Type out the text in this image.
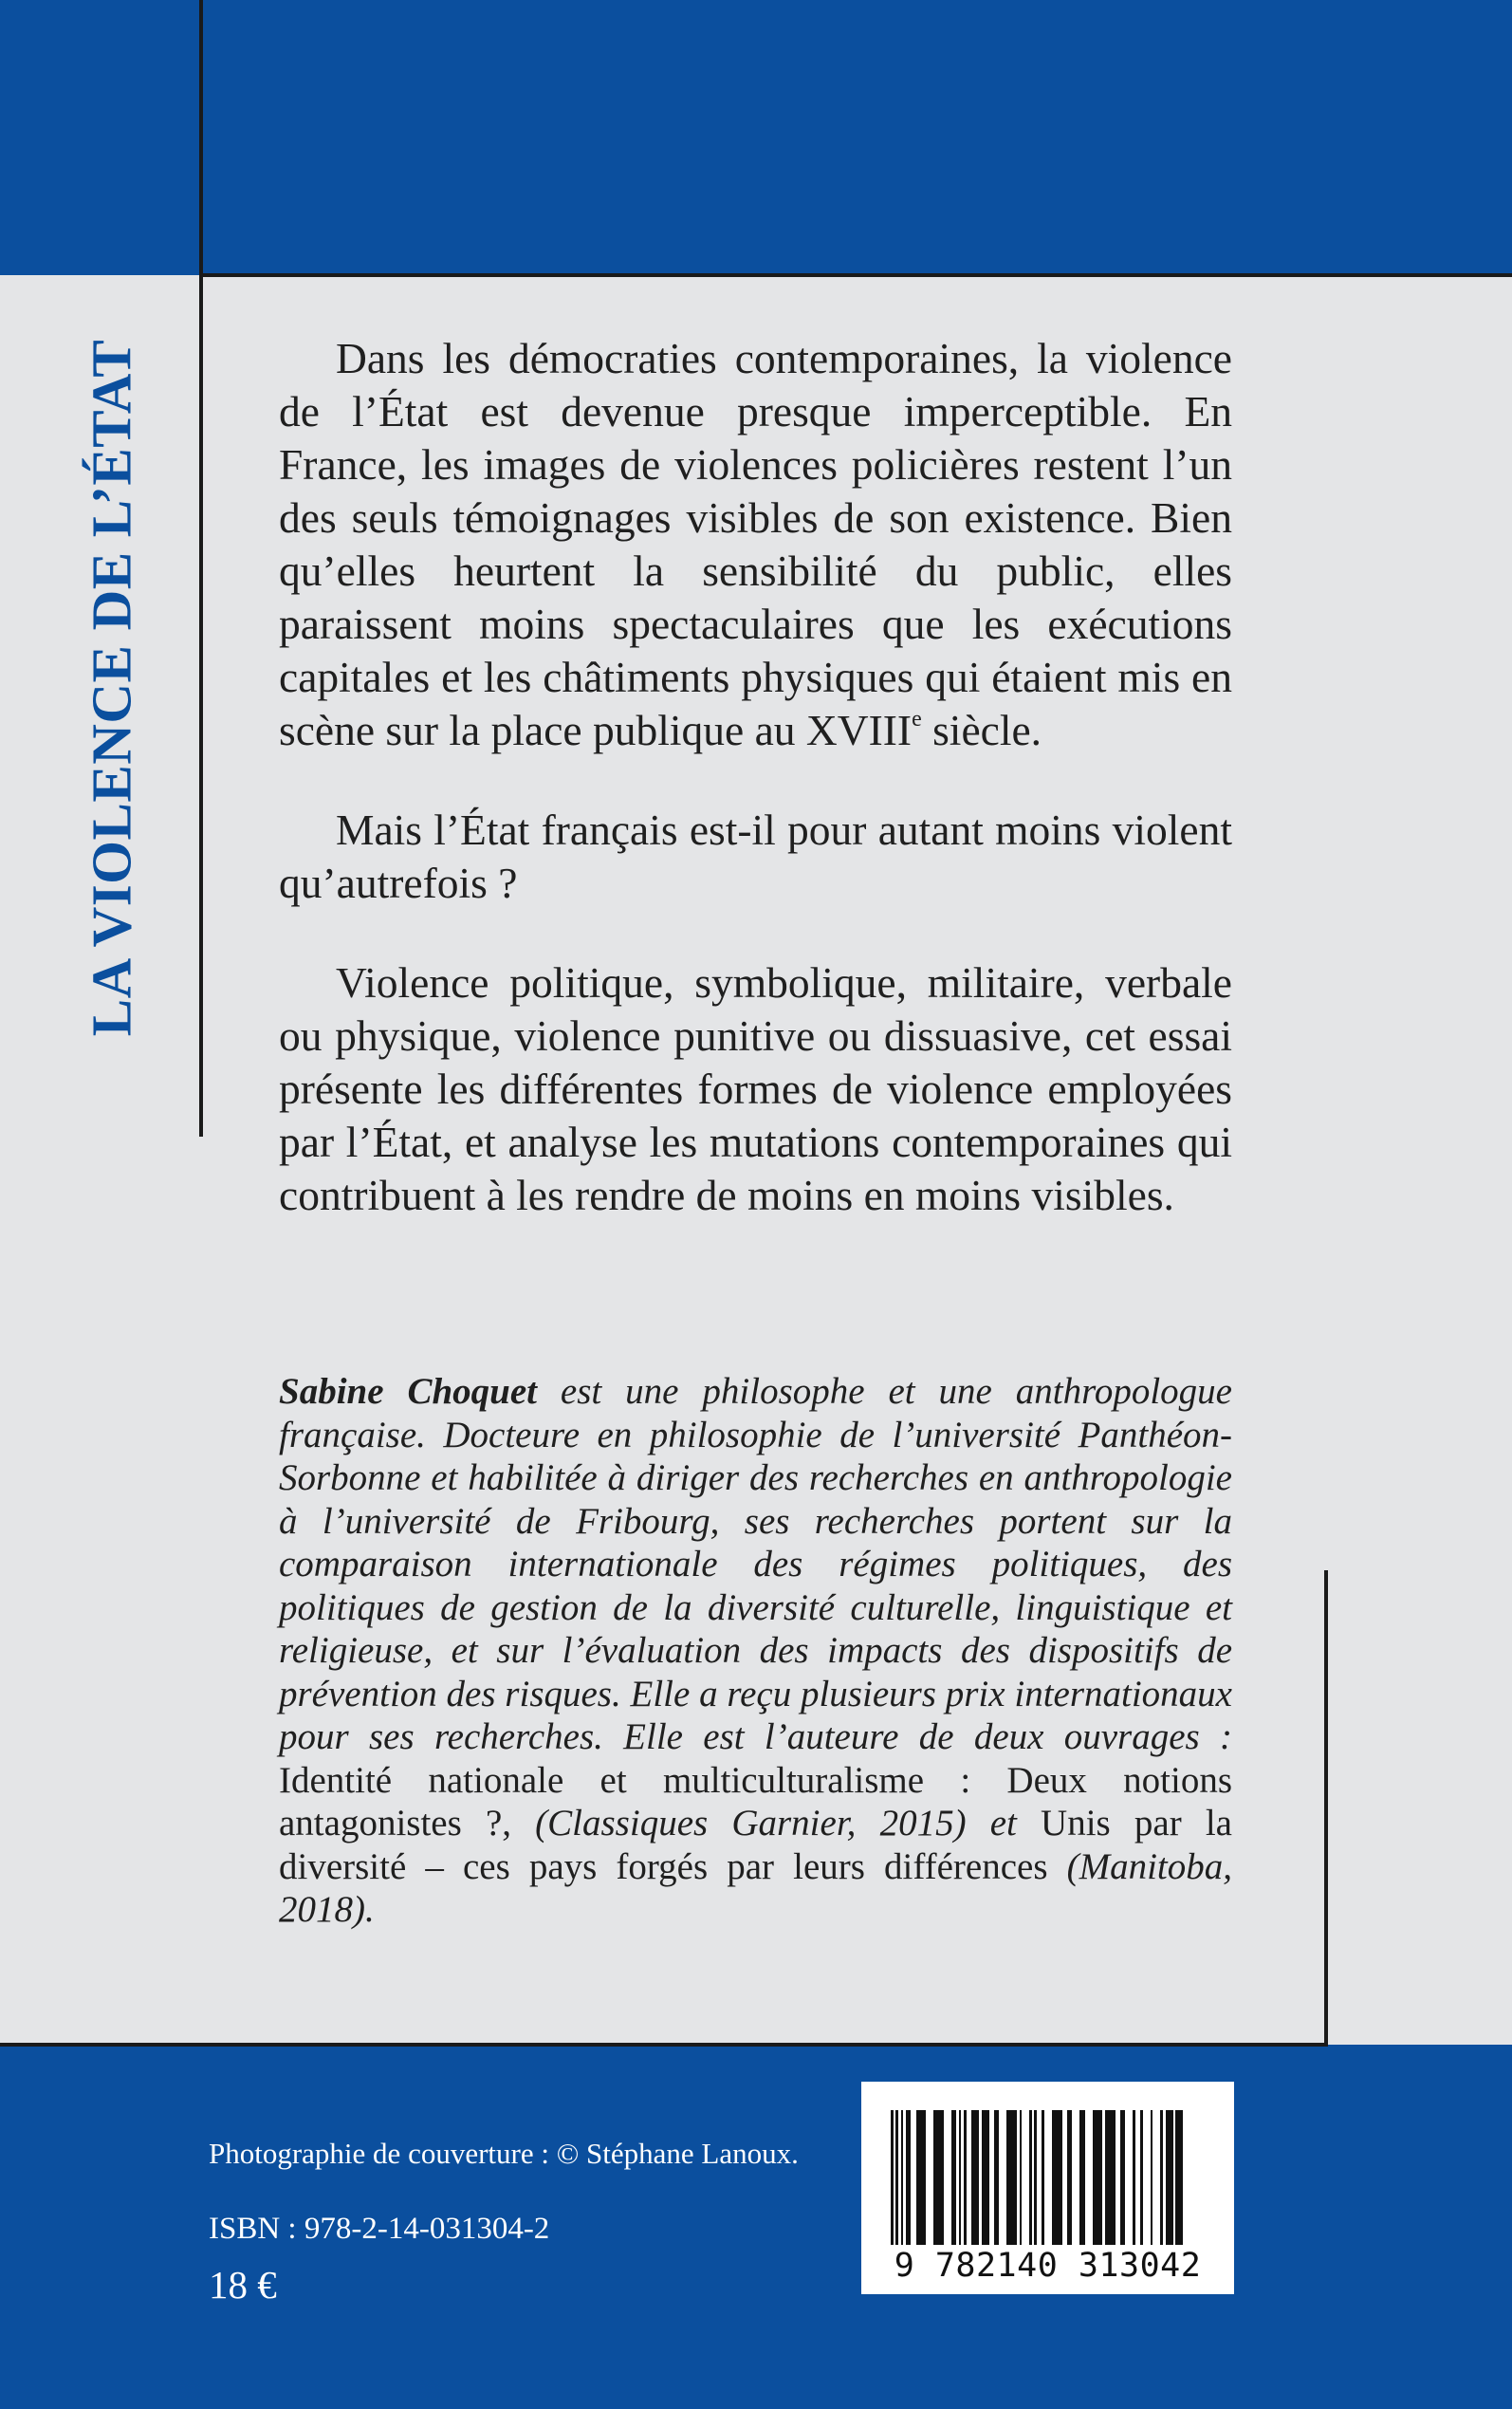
LA VIOLENCE DE L’ÉTAT	Dans les démocraties contemporaines, la violence de l’État est devenue presque imperceptible. En France, les images de violences policières restent l’un des seuls témoignages visibles de son existence. Bien qu’elles heurtent la sensibilité du public, elles paraissent moins spectaculaires que les exécutions capitales et les châtiments physiques qui étaient mis en scène sur la place publique au XVIIIe siècle.

Mais l’État français est-il pour autant moins violent qu’autrefois ?

Violence politique, symbolique, militaire, verbale ou physique, violence punitive ou dissuasive, cet essai présente les différentes formes de violence employées par l’État, et analyse les mutations contemporaines qui contribuent à les rendre de moins en moins visibles.

Sabine Choquet est une philosophe et une anthropologue française. Docteure en philosophie de l’université Panthéon-Sorbonne et habilitée à diriger des recherches en anthropologie à l’université de Fribourg, ses recherches portent sur la comparaison internationale des régimes politiques, des politiques de gestion de la diversité culturelle, linguistique et religieuse, et sur l’évaluation des impacts des dispositifs de prévention des risques. Elle a reçu plusieurs prix internationaux pour ses recherches. Elle est l’auteure de deux ouvrages : Identité nationale et multiculturalisme : Deux notions antagonistes ?, (Classiques Garnier, 2015) et Unis par la diversité – ces pays forgés par leurs différences (Manitoba, 2018).

Photographie de couverture : © Stéphane Lanoux.
ISBN : 978-2-14-031304-2
18 €	9 782140 313042
